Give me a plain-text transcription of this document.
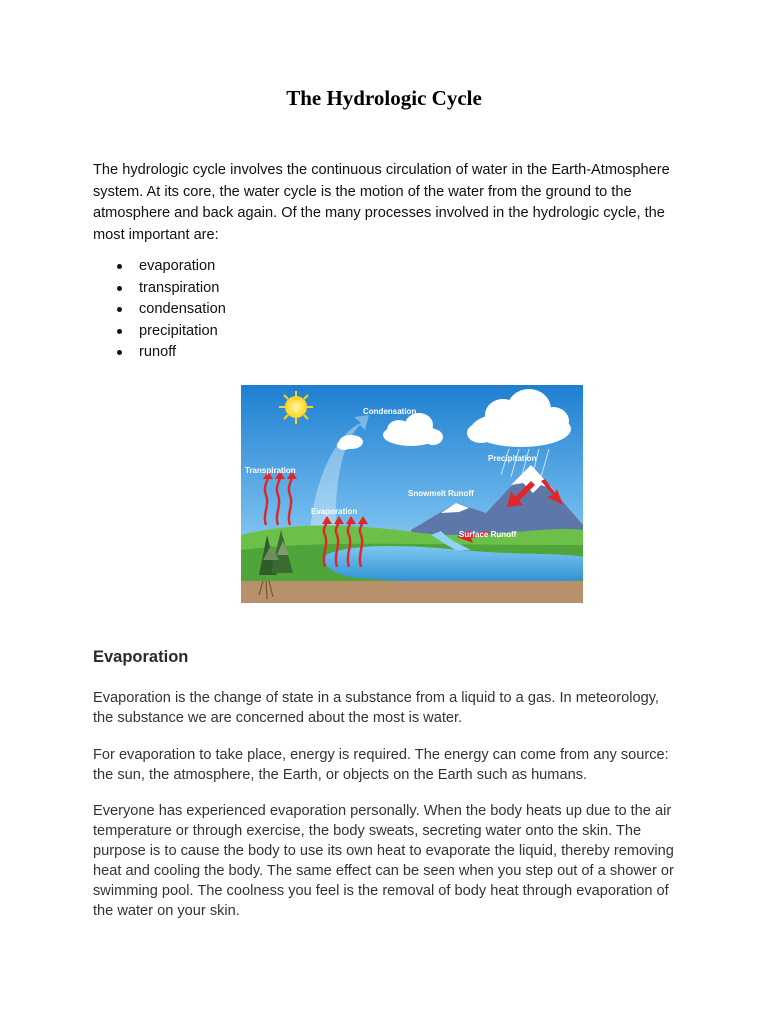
The Hydrologic Cycle

The hydrologic cycle involves the continuous circulation of water in the Earth-Atmosphere system. At its core, the water cycle is the motion of the water from the ground to the atmosphere and back again. Of the many processes involved in the hydrologic cycle, the most important are:

evaporation
transpiration
condensation
precipitation
runoff
Condensation
Transpiration
Precipitation
Snowmelt Runoff
Evaporation
Surface Runoff
Evaporation

Evaporation is the change of state in a substance from a liquid to a gas. In meteorology, the substance we are concerned about the most is water.

For evaporation to take place, energy is required. The energy can come from any source: the sun, the atmosphere, the Earth, or objects on the Earth such as humans.

Everyone has experienced evaporation personally. When the body heats up due to the air temperature or through exercise, the body sweats, secreting water onto the skin. The purpose is to cause the body to use its own heat to evaporate the liquid, thereby removing heat and cooling the body. The same effect can be seen when you step out of a shower or swimming pool. The coolness you feel is the removal of body heat through evaporation of the water on your skin.
